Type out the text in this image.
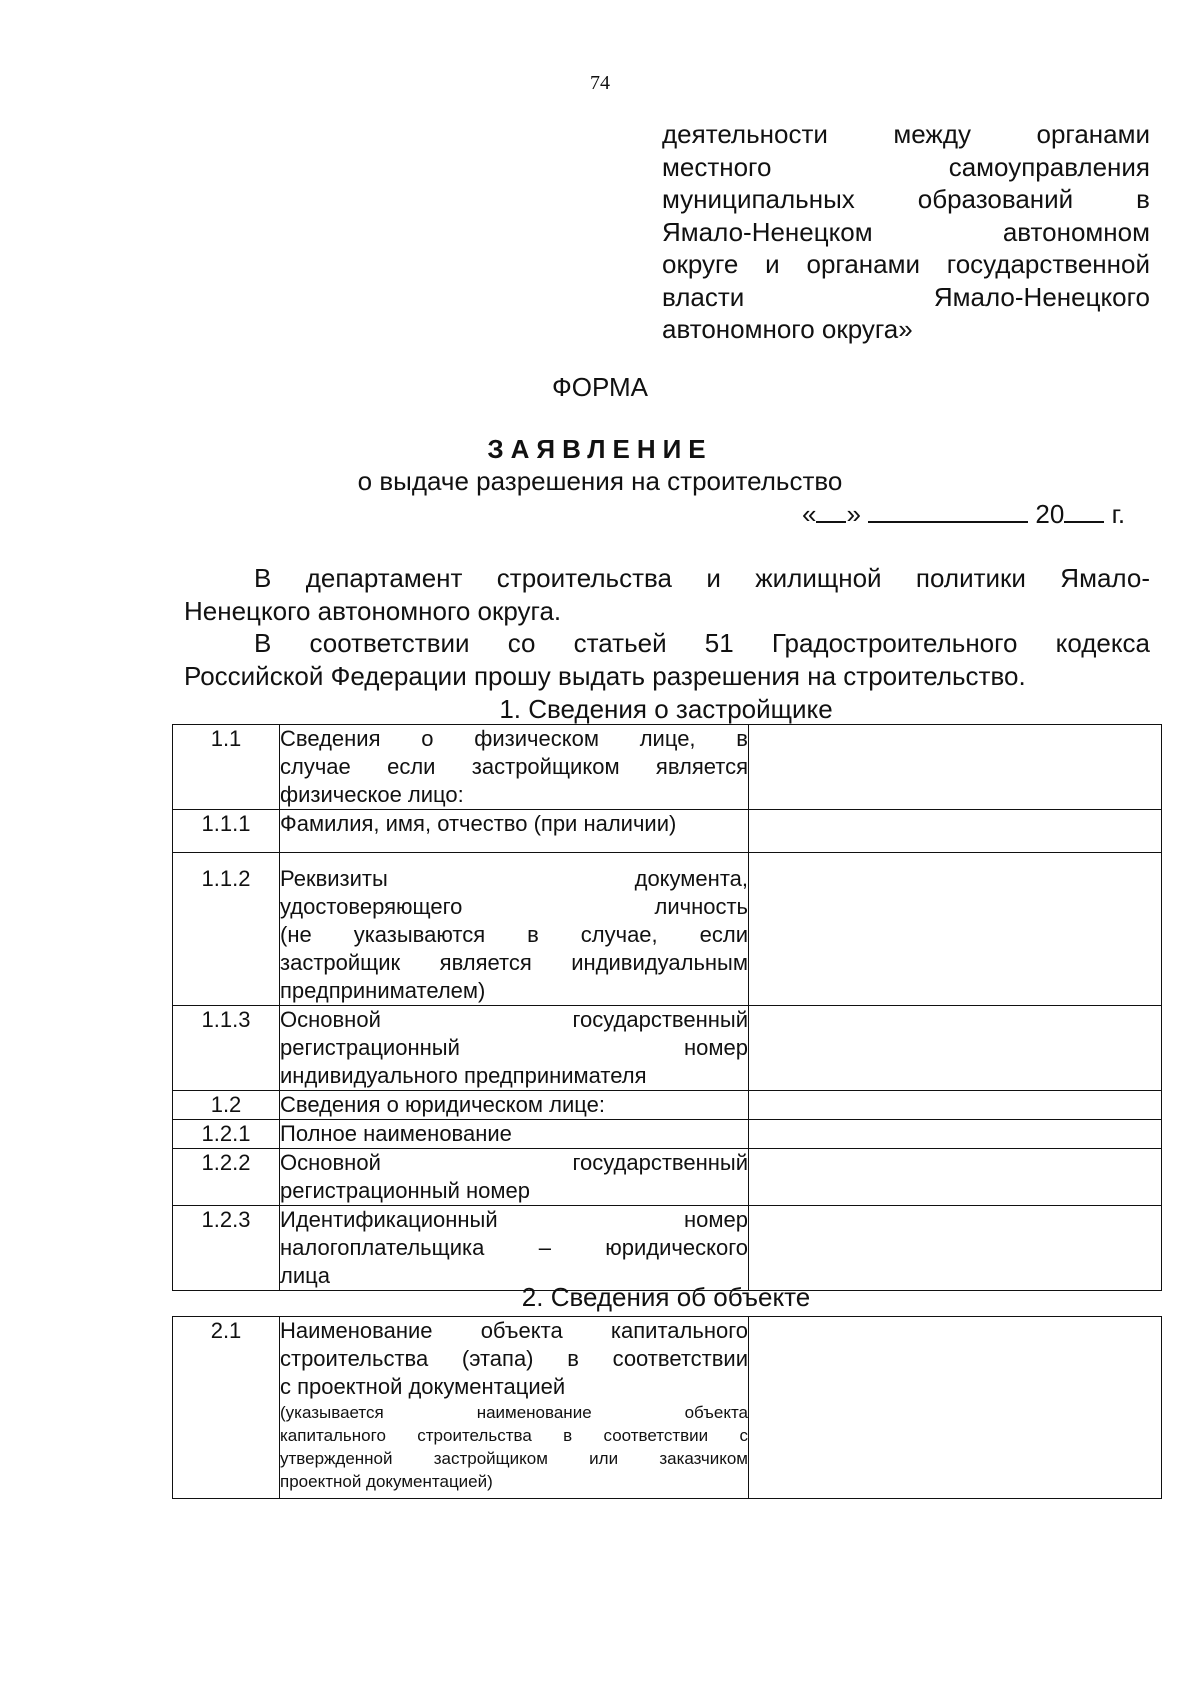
74
деятельности между органами
местного самоуправления
муниципальных образований в
Ямало-Ненецком автономном
округе и органами государственной
власти Ямало-Ненецкого
автономного округа»
ФОРМА
ЗАЯВЛЕНИЕ
о выдаче разрешения на строительство
« »	20 г.
В департамент строительства и жилищной политики Ямало-
Ненецкого автономного округа.
В соответствии со статьей 51 Градостроительного кодекса
Российской Федерации прошу выдать разрешения на строительство.
1. Сведения о застройщике
1.1	Сведения о физическом лице, в
случае если застройщиком является
физическое лицо:	

1.1.1	Фамилия, имя, отчество (при наличии)	

1.1.2	Реквизиты документа,
удостоверяющего личность
(не указываются в случае, если
застройщик является индивидуальным
предпринимателем)	

1.1.3	Основной государственный
регистрационный номер
индивидуального предпринимателя	

1.2	Сведения о юридическом лице:	

1.2.1	Полное наименование	

1.2.2	Основной государственный
регистрационный номер	

1.2.3	Идентификационный номер
налогоплательщика – юридического
лица	

2. Сведения об объекте
2.1	Наименование объекта капитального
строительства (этапа) в соответствии
с проектной документацией
(указывается наименование объекта
капитального строительства в соответствии с
утвержденной застройщиком или заказчиком
проектной документацией)
